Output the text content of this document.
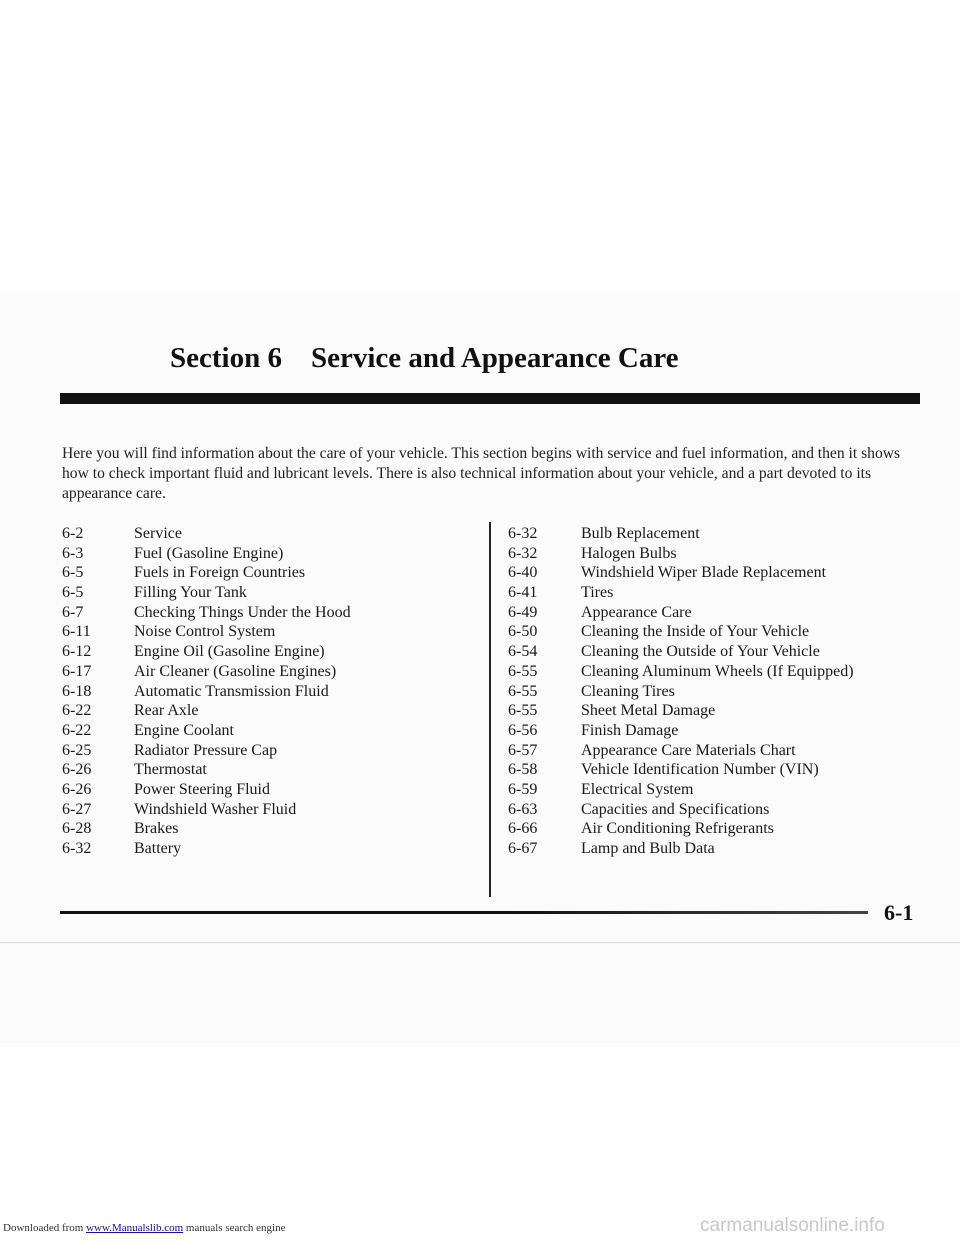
Section 6 Service and Appearance Care

Here you will find information about the care of your vehicle. This section begins with service and fuel information, and then it shows how to check important fluid and lubricant levels. There is also technical information about your vehicle, and a part devoted to its appearance care.

6-2	Service
6-3	Fuel (Gasoline Engine)
6-5	Fuels in Foreign Countries
6-5	Filling Your Tank
6-7	Checking Things Under the Hood
6-11	Noise Control System
6-12	Engine Oil (Gasoline Engine)
6-17	Air Cleaner (Gasoline Engines)
6-18	Automatic Transmission Fluid
6-22	Rear Axle
6-22	Engine Coolant
6-25	Radiator Pressure Cap
6-26	Thermostat
6-26	Power Steering Fluid
6-27	Windshield Washer Fluid
6-28	Brakes
6-32	Battery
6-32	Bulb Replacement
6-32	Halogen Bulbs
6-40	Windshield Wiper Blade Replacement
6-41	Tires
6-49	Appearance Care
6-50	Cleaning the Inside of Your Vehicle
6-54	Cleaning the Outside of Your Vehicle
6-55	Cleaning Aluminum Wheels (If Equipped)
6-55	Cleaning Tires
6-55	Sheet Metal Damage
6-56	Finish Damage
6-57	Appearance Care Materials Chart
6-58	Vehicle Identification Number (VIN)
6-59	Electrical System
6-63	Capacities and Specifications
6-66	Air Conditioning Refrigerants
6-67	Lamp and Bulb Data
6-1
Downloaded from www.Manualslib.com manuals search engine	carmanualsonline.info
